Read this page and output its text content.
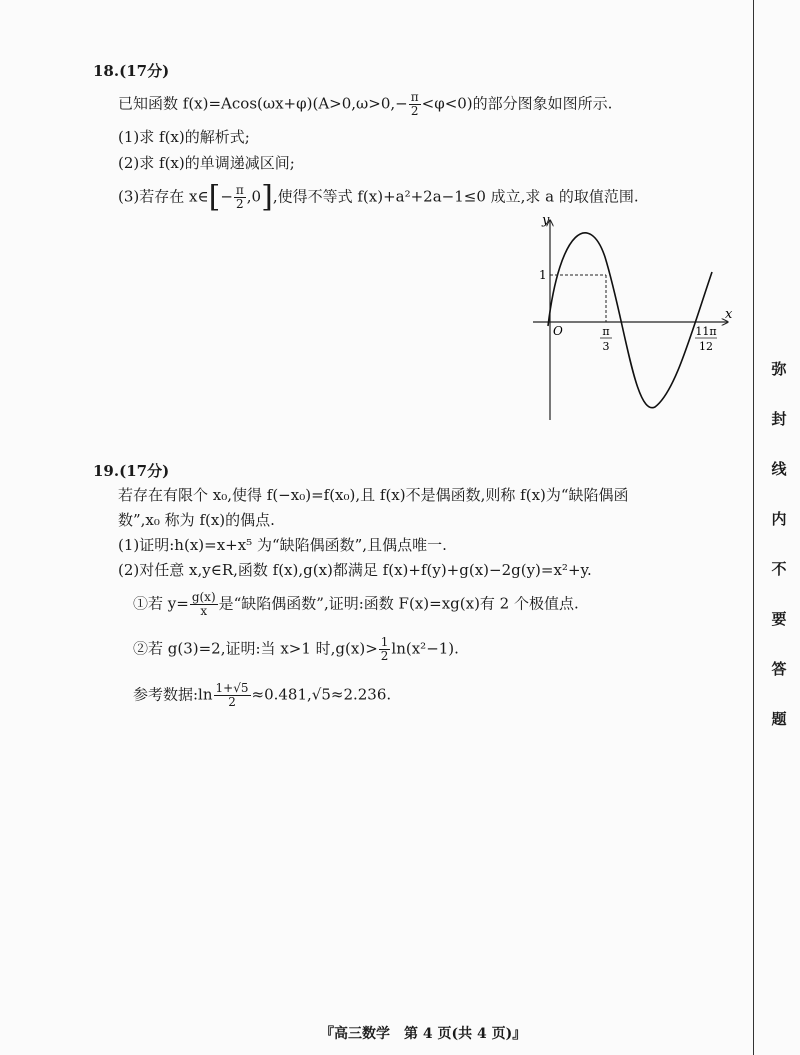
18.(17分)
已知函数 $f(x)=Acos(\omega x+\varphi)(A>0,\omega>0,- \frac{\pi}{2} <\varphi<0)$的部分图象如图所示.
(1)求 f(x)的解析式;
(2)求 f(x)的单调递减区间;
(3)若存在 x∈[− $\frac{\pi}{2} ,0$],使得不等式 f(x)+a²+2a−1≤0 成立,求 a 的取值范围.
y
x
O
1
π
3
11π
12
19.(17分)
若存在有限个 x₀,使得 f(−x₀)=f(x₀),且 f(x)不是偶函数,则称 f(x)为“缺陷偶函
数”,x₀ 称为 f(x)的偶点.
(1)证明:h(x)=x+x⁵ 为“缺陷偶函数”,且偶点唯一.
(2)对任意 x,y∈R,函数 f(x),g(x)都满足 f(x)+f(y)+g(x)−2g(y)=x²+y.
①若 $y= \frac{g(x)}{x}$ 是“缺陷偶函数”,证明:函数 F(x)=xg(x)有 2 个极值点.
②若 g(3)=2,证明:当 x>1 时$,g(x)> \frac{1}{2} \ln(x^2-1)$.
参考数据:ln $\frac{1+√5}{2} \approx 0.481,√5\approx 2.236$.
弥
封
线
内
不
要
答
题
『高三数学　第 4 页(共 4 页)』
